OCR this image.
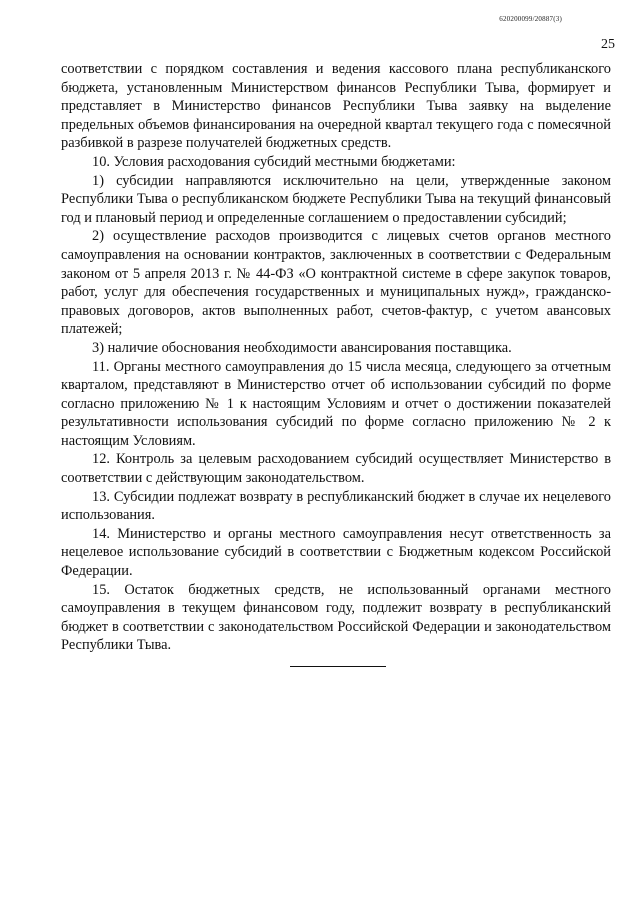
620200099/20887(3)
25

соответствии с порядком составления и ведения кассового плана республиканского бюджета, установленным Министерством финансов Республики Тыва, формирует и представляет в Министерство финансов Республики Тыва заявку на выделение предельных объемов финансирования на очередной квартал текущего года с помесячной разбивкой в разрезе получателей бюджетных средств.

10. Условия расходования субсидий местными бюджетами:

1) субсидии направляются исключительно на цели, утвержденные законом Республики Тыва о республиканском бюджете Республики Тыва на текущий финансовый год и плановый период и определенные соглашением о предоставлении субсидий;

2) осуществление расходов производится с лицевых счетов органов местного самоуправления на основании контрактов, заключенных в соответствии с Федеральным законом от 5 апреля 2013 г. № 44-ФЗ «О контрактной системе в сфере закупок товаров, работ, услуг для обеспечения государственных и муниципальных нужд», гражданско-правовых договоров, актов выполненных работ, счетов-фактур, с учетом авансовых платежей;

3) наличие обоснования необходимости авансирования поставщика.

11. Органы местного самоуправления до 15 числа месяца, следующего за отчетным кварталом, представляют в Министерство отчет об использовании субсидий по форме согласно приложению № 1 к настоящим Условиям и отчет о достижении показателей результативности использования субсидий по форме согласно приложению № 2 к настоящим Условиям.

12. Контроль за целевым расходованием субсидий осуществляет Министерство в соответствии с действующим законодательством.

13. Субсидии подлежат возврату в республиканский бюджет в случае их нецелевого использования.

14. Министерство и органы местного самоуправления несут ответственность за нецелевое использование субсидий в соответствии с Бюджетным кодексом Российской Федерации.

15. Остаток бюджетных средств, не использованный органами местного самоуправления в текущем финансовом году, подлежит возврату в республиканский бюджет в соответствии с законодательством Российской Федерации и законодательством Республики Тыва.
